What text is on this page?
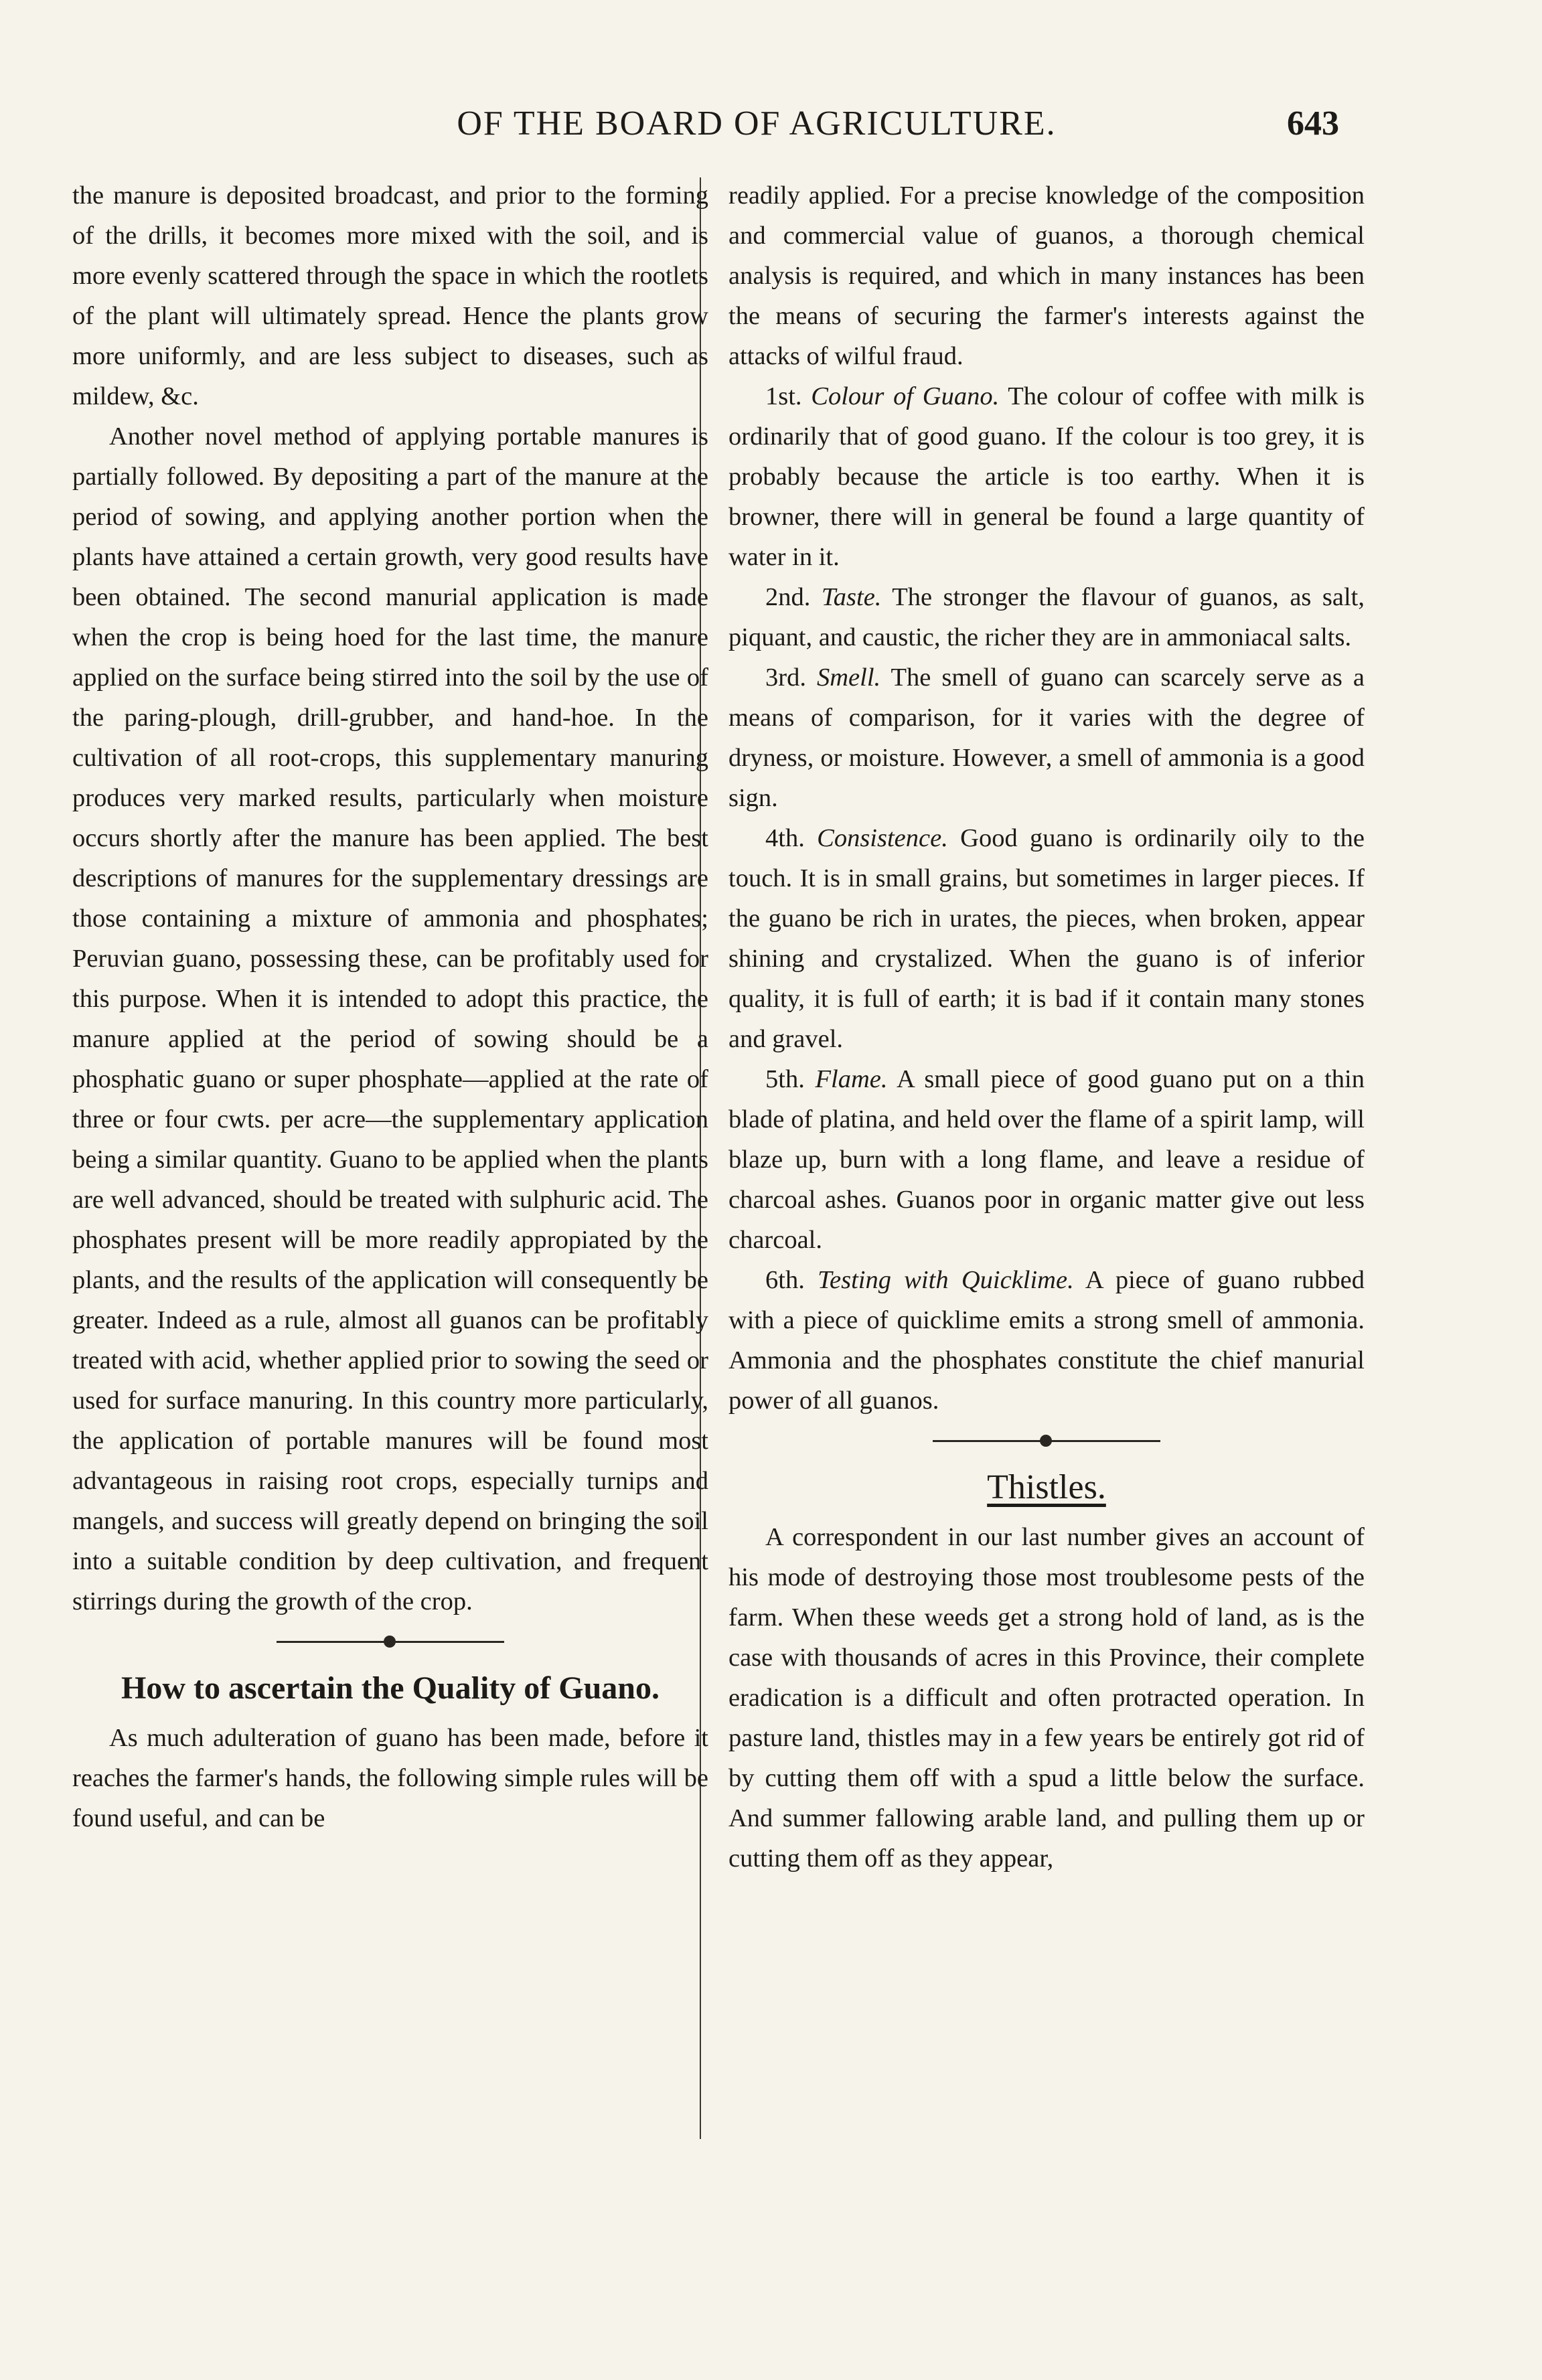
OF THE BOARD OF AGRICULTURE.	643

the manure is deposited broadcast, and prior to the forming of the drills, it becomes more mixed with the soil, and is more evenly scattered through the space in which the rootlets of the plant will ultimately spread. Hence the plants grow more uniformly, and are less subject to diseases, such as mildew, &c.

Another novel method of applying portable manures is partially followed. By depositing a part of the manure at the period of sowing, and applying another portion when the plants have attained a certain growth, very good results have been obtained. The second manurial application is made when the crop is being hoed for the last time, the manure applied on the surface being stirred into the soil by the use of the paring-plough, drill-grubber, and hand-hoe. In the cultivation of all root-crops, this supplementary manuring produces very marked results, particularly when moisture occurs shortly after the manure has been applied. The best descriptions of manures for the supplementary dressings are those containing a mixture of ammonia and phosphates; Peruvian guano, possessing these, can be profitably used for this purpose. When it is intended to adopt this practice, the manure applied at the period of sowing should be a phosphatic guano or super phosphate—applied at the rate of three or four cwts. per acre—the supplementary application being a similar quantity. Guano to be applied when the plants are well advanced, should be treated with sulphuric acid. The phosphates present will be more readily appropiated by the plants, and the results of the application will consequently be greater. Indeed as a rule, almost all guanos can be profitably treated with acid, whether applied prior to sowing the seed or used for surface manuring. In this country more particularly, the application of portable manures will be found most advantageous in raising root crops, especially turnips and mangels, and success will greatly depend on bringing the soil into a suitable condition by deep cultivation, and frequent stirrings during the growth of the crop.

How to ascertain the Quality of Guano.

As much adulteration of guano has been made, before it reaches the farmer's hands, the following simple rules will be found useful, and can be

readily applied. For a precise knowledge of the composition and commercial value of guanos, a thorough chemical analysis is required, and which in many instances has been the means of securing the farmer's interests against the attacks of wilful fraud.

1st. Colour of Guano. The colour of coffee with milk is ordinarily that of good guano. If the colour is too grey, it is probably because the article is too earthy. When it is browner, there will in general be found a large quantity of water in it.

2nd. Taste. The stronger the flavour of guanos, as salt, piquant, and caustic, the richer they are in ammoniacal salts.

3rd. Smell. The smell of guano can scarcely serve as a means of comparison, for it varies with the degree of dryness, or moisture. However, a smell of ammonia is a good sign.

4th. Consistence. Good guano is ordinarily oily to the touch. It is in small grains, but sometimes in larger pieces. If the guano be rich in urates, the pieces, when broken, appear shining and crystalized. When the guano is of inferior quality, it is full of earth; it is bad if it contain many stones and gravel.

5th. Flame. A small piece of good guano put on a thin blade of platina, and held over the flame of a spirit lamp, will blaze up, burn with a long flame, and leave a residue of charcoal ashes. Guanos poor in organic matter give out less charcoal.

6th. Testing with Quicklime. A piece of guano rubbed with a piece of quicklime emits a strong smell of ammonia. Ammonia and the phosphates constitute the chief manurial power of all guanos.

Thistles.

A correspondent in our last number gives an account of his mode of destroying those most troublesome pests of the farm. When these weeds get a strong hold of land, as is the case with thousands of acres in this Province, their complete eradication is a difficult and often protracted operation. In pasture land, thistles may in a few years be entirely got rid of by cutting them off with a spud a little below the surface. And summer fallowing arable land, and pulling them up or cutting them off as they appear,
